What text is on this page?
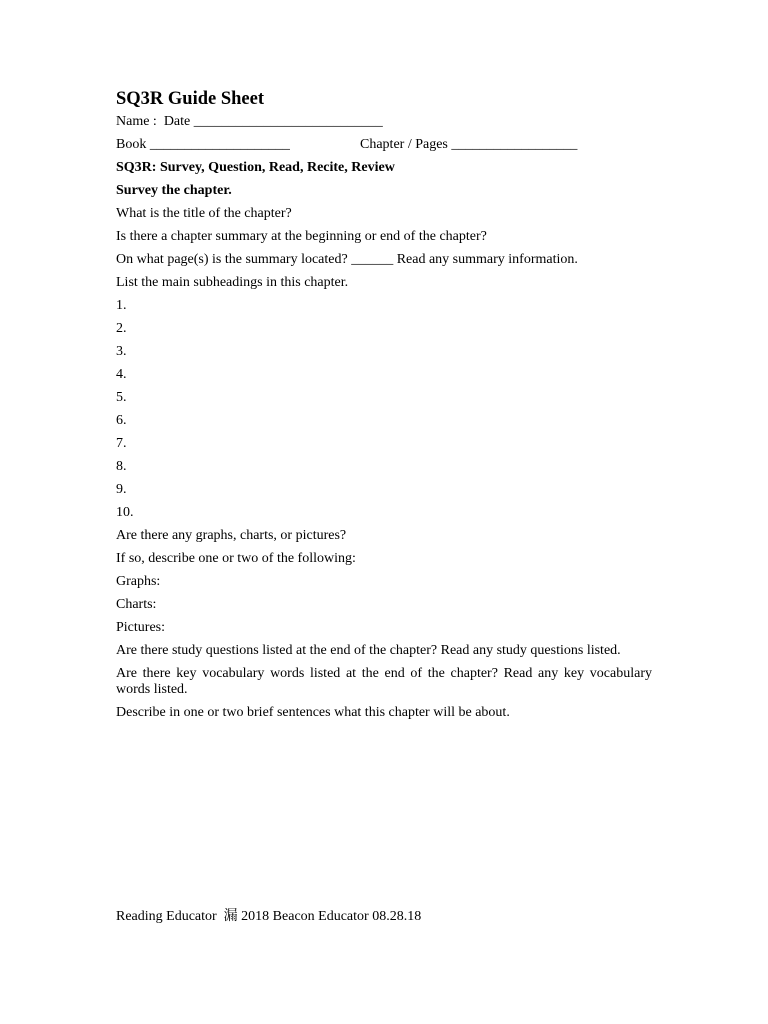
SQ3R Guide Sheet
Name :  Date ___________________________

Book ____________________

	Chapter / Pages __________________

SQ3R: Survey, Question, Read, Recite, Review
Survey the chapter.
What is the title of the chapter?
Is there a chapter summary at the beginning or end of the chapter?
On what page(s) is the summary located? ______ Read any summary information.
List the main subheadings in this chapter.
1.
2.
3.
4.
5.
6.
7.
8.
9.
10.
Are there any graphs, charts, or pictures?
If so, describe one or two of the following:
Graphs:
Charts:
Pictures:
Are there study questions listed at the end of the chapter? Read any study questions listed.
Are there key vocabulary words listed at the end of the chapter? Read any key vocabulary words listed.
Describe in one or two brief sentences what this chapter will be about.
Reading Educator  漏 2018 Beacon Educator 08.28.18
